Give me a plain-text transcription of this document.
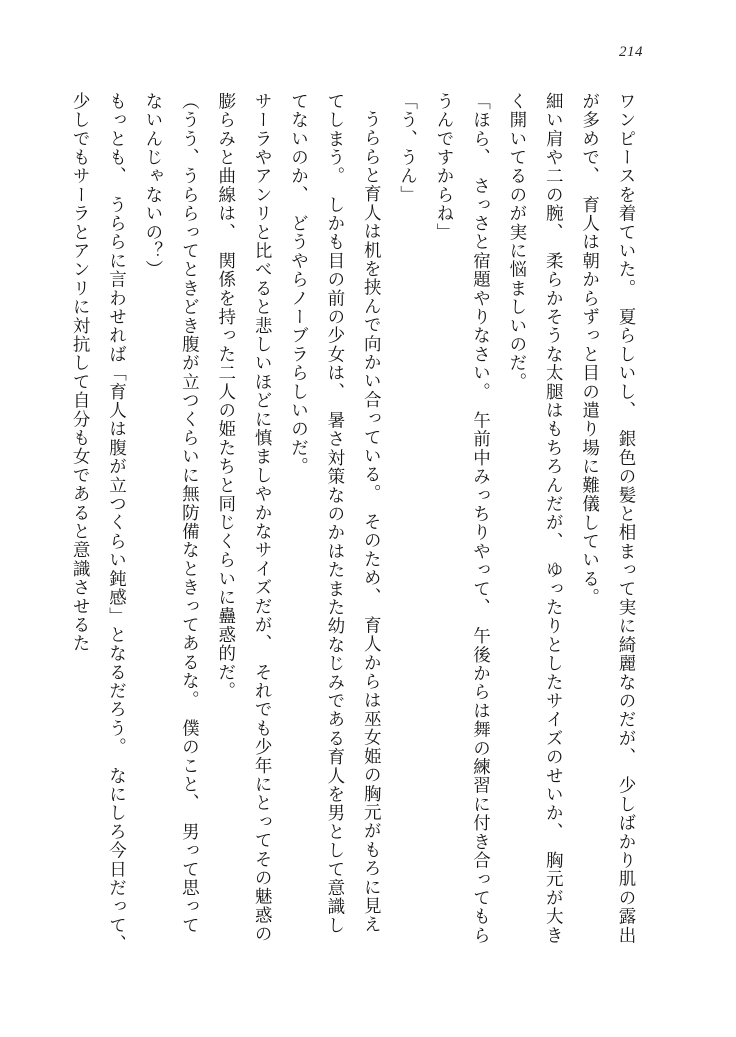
214

ワンピースを着ていた。　夏らしいし、　銀色の髪と相まって実に綺麗なのだが、　少しばかり肌の露出が多めで、　育人は朝からずっと目の遣り場に難儀している。

細い肩や二の腕、　柔らかそうな太腿はもちろんだが、　ゆったりとしたサイズのせいか、　胸元が大きく開いてるのが実に悩ましいのだ。

「ほら、　さっさと宿題やりなさい。　午前中みっちりやって、　午後からは舞の練習に付き合ってもらうんですからね」

「う、うん」

うららと育人は机を挟んで向かい合っている。　そのため、　育人からは巫女姫の胸元がもろに見えてしまう。　しかも目の前の少女は、　暑さ対策なのかはたまた幼なじみである育人を男として意識してないのか、　どうやらノーブラらしいのだ。

サーラやアンリと比べると悲しいほどに慎ましやかなサイズだが、　それでも少年にとってその魅惑の膨らみと曲線は、　関係を持った二人の姫たちと同じくらいに蠱惑的だ。

（うう、うららってときどき腹が立つくらいに無防備なときってあるな。　僕のこと、　男って思ってないんじゃないの？）

もっとも、　うららに言わせれば「育人は腹が立つくらい鈍感」となるだろう。　なにしろ今日だって、　少しでもサーラとアンリに対抗して自分も女であると意識させるた
